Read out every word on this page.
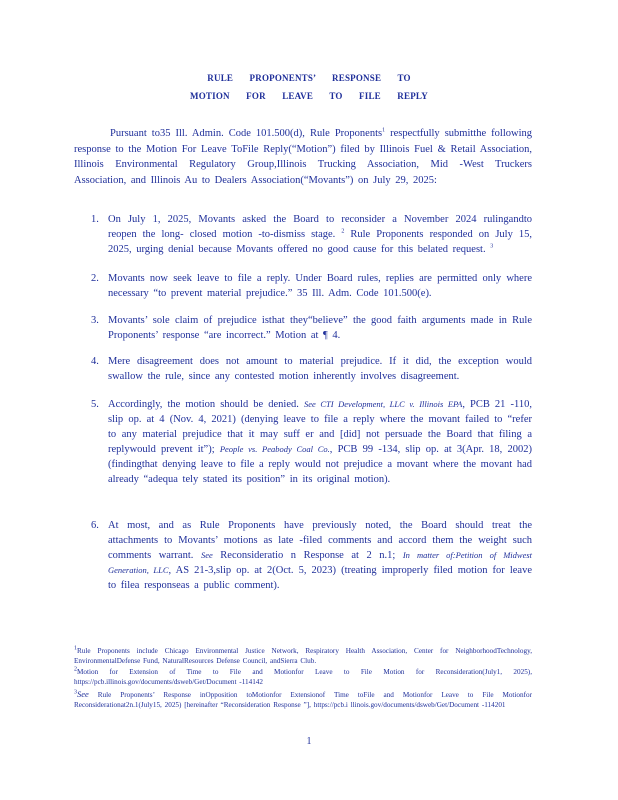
RULE PROPONENTS’ RESPONSE TO
MOTION FOR LEAVE TO FILE REPLY
Pursuant to35 Ill. Admin. Code 101.500(d), Rule Proponents$^1$ respectfully submitthe following response to the Motion For Leave ToFile Reply(“Motion”) filed by Illinois Fuel & Retail Association, Illinois Environmental Regulatory Group,Illinois Trucking Association, Mid -West Truckers Association, and Illinois Au to Dealers Association(“Movants”) on July 29, 2025:
1. On July 1, 2025, Movants asked the Board to reconsider a November 2024 rulingandto reopen the long- closed motion -to-dismiss stage. $^2$ Rule Proponents responded on July 15, 2025, urging denial because Movants offered no good cause for this belated request. $^3$
2. Movants now seek leave to file a reply. Under Board rules, replies are permitted only where necessary “to prevent material prejudice.” 35 Ill. Adm. Code 101.500(e).
3. Movants’ sole claim of prejudice isthat they“believe” the good faith arguments made in Rule Proponents’ response “are incorrect.” Motion at ¶ 4.
4. Mere disagreement does not amount to material prejudice. If it did, the exception would swallow the rule, since any contested motion inherently involves disagreement.
5. Accordingly, the motion should be denied. See CTI Development, LLC v. Illinois EPA, PCB 21 -110, slip op. at 4 (Nov. 4, 2021) (denying leave to file a reply where the movant failed to “refer to any material prejudice that it may suff er and [did] not persuade the Board that filing a replywould prevent it”); People vs. Peabody Coal Co., PCB 99 -134, slip op. at 3(Apr. 18, 2002) (findingthat denying leave to file a reply would not prejudice a movant where the movant had already “adequa tely stated its position” in its original motion).
6. At most, and as Rule Proponents have previously noted, the Board should treat the attachments to Movants’ motions as late -filed comments and accord them the weight such comments warrant. See Reconsideratio n Response at 2 n.1; In matter of:Petition of Midwest Generation, LLC, AS 21-3,slip op. at 2(Oct. 5, 2023) (treating improperly filed motion for leave to filea responseas a public comment).
$^1$Rule Proponents include Chicago Environmental Justice Network, Respiratory Health Association, Center for NeighborhoodTechnology, EnvironmentalDefense Fund, NaturalResources Defense Council, andSierra Club.
$^2$Motion for Extension of Time to File and Motionfor Leave to File Motion for Reconsideration(July1, 2025), https://pcb.illinois.gov/documents/dsweb/Get/Document -114142
$^3$See Rule Proponents’ Response inOpposition toMotionfor Extensionof Time toFile and Motionfor Leave to File Motionfor Reconsiderationat2n.1(July15, 2025) [hereinafter “Reconsideration Response ”], https://pcb.i llinois.gov/documents/dsweb/Get/Document -114201
1
